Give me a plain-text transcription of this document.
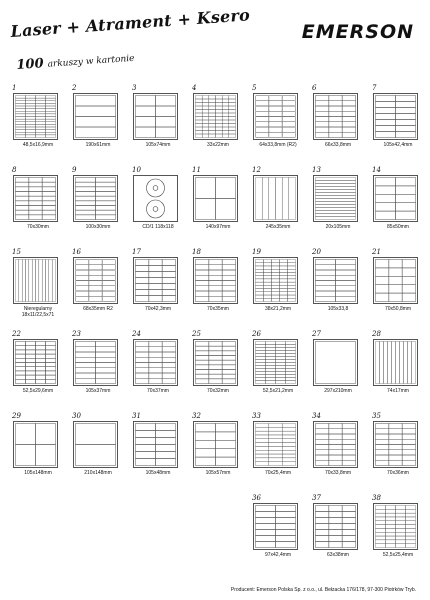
Laser + Atrament + Ksero

100 arkuszy w kartonie

EMERSON
1
48,5x16,9mm
2
190x61mm
3
105x74mm
4
33x22mm
5
64x33,8mm (R2)
6
66x33,8mm
7
105x42,4mm
8
70x30mm
9
100x30mm
10
CD/1 118x118
11
140x97mm
12
245x35mm
13
20x105mm
14
85x50mm
15
Nieregularny
18x11/22,5x71
16
68x35mm R2
17
70x42,3mm
18
70x35mm
19
38x21,2mm
20
105x33,8
21
70x50,8mm
22
52,5x29,6mm
23
105x37mm
24
70x37mm
25
70x32mm
26
52,5x21,2mm
27
297x210mm
28
74x17mm
29
105x148mm
30
210x148mm
31
105x48mm
32
105x57mm
33
70x25,4mm
34
70x33,8mm
35
70x36mm
36
97x42,4mm
37
63x38mm
38
52,5x25,4mm

Producent: Emerson Polska Sp. z o.o., ul. Bełzacka 176/178, 97-300 Piotrków Tryb.
